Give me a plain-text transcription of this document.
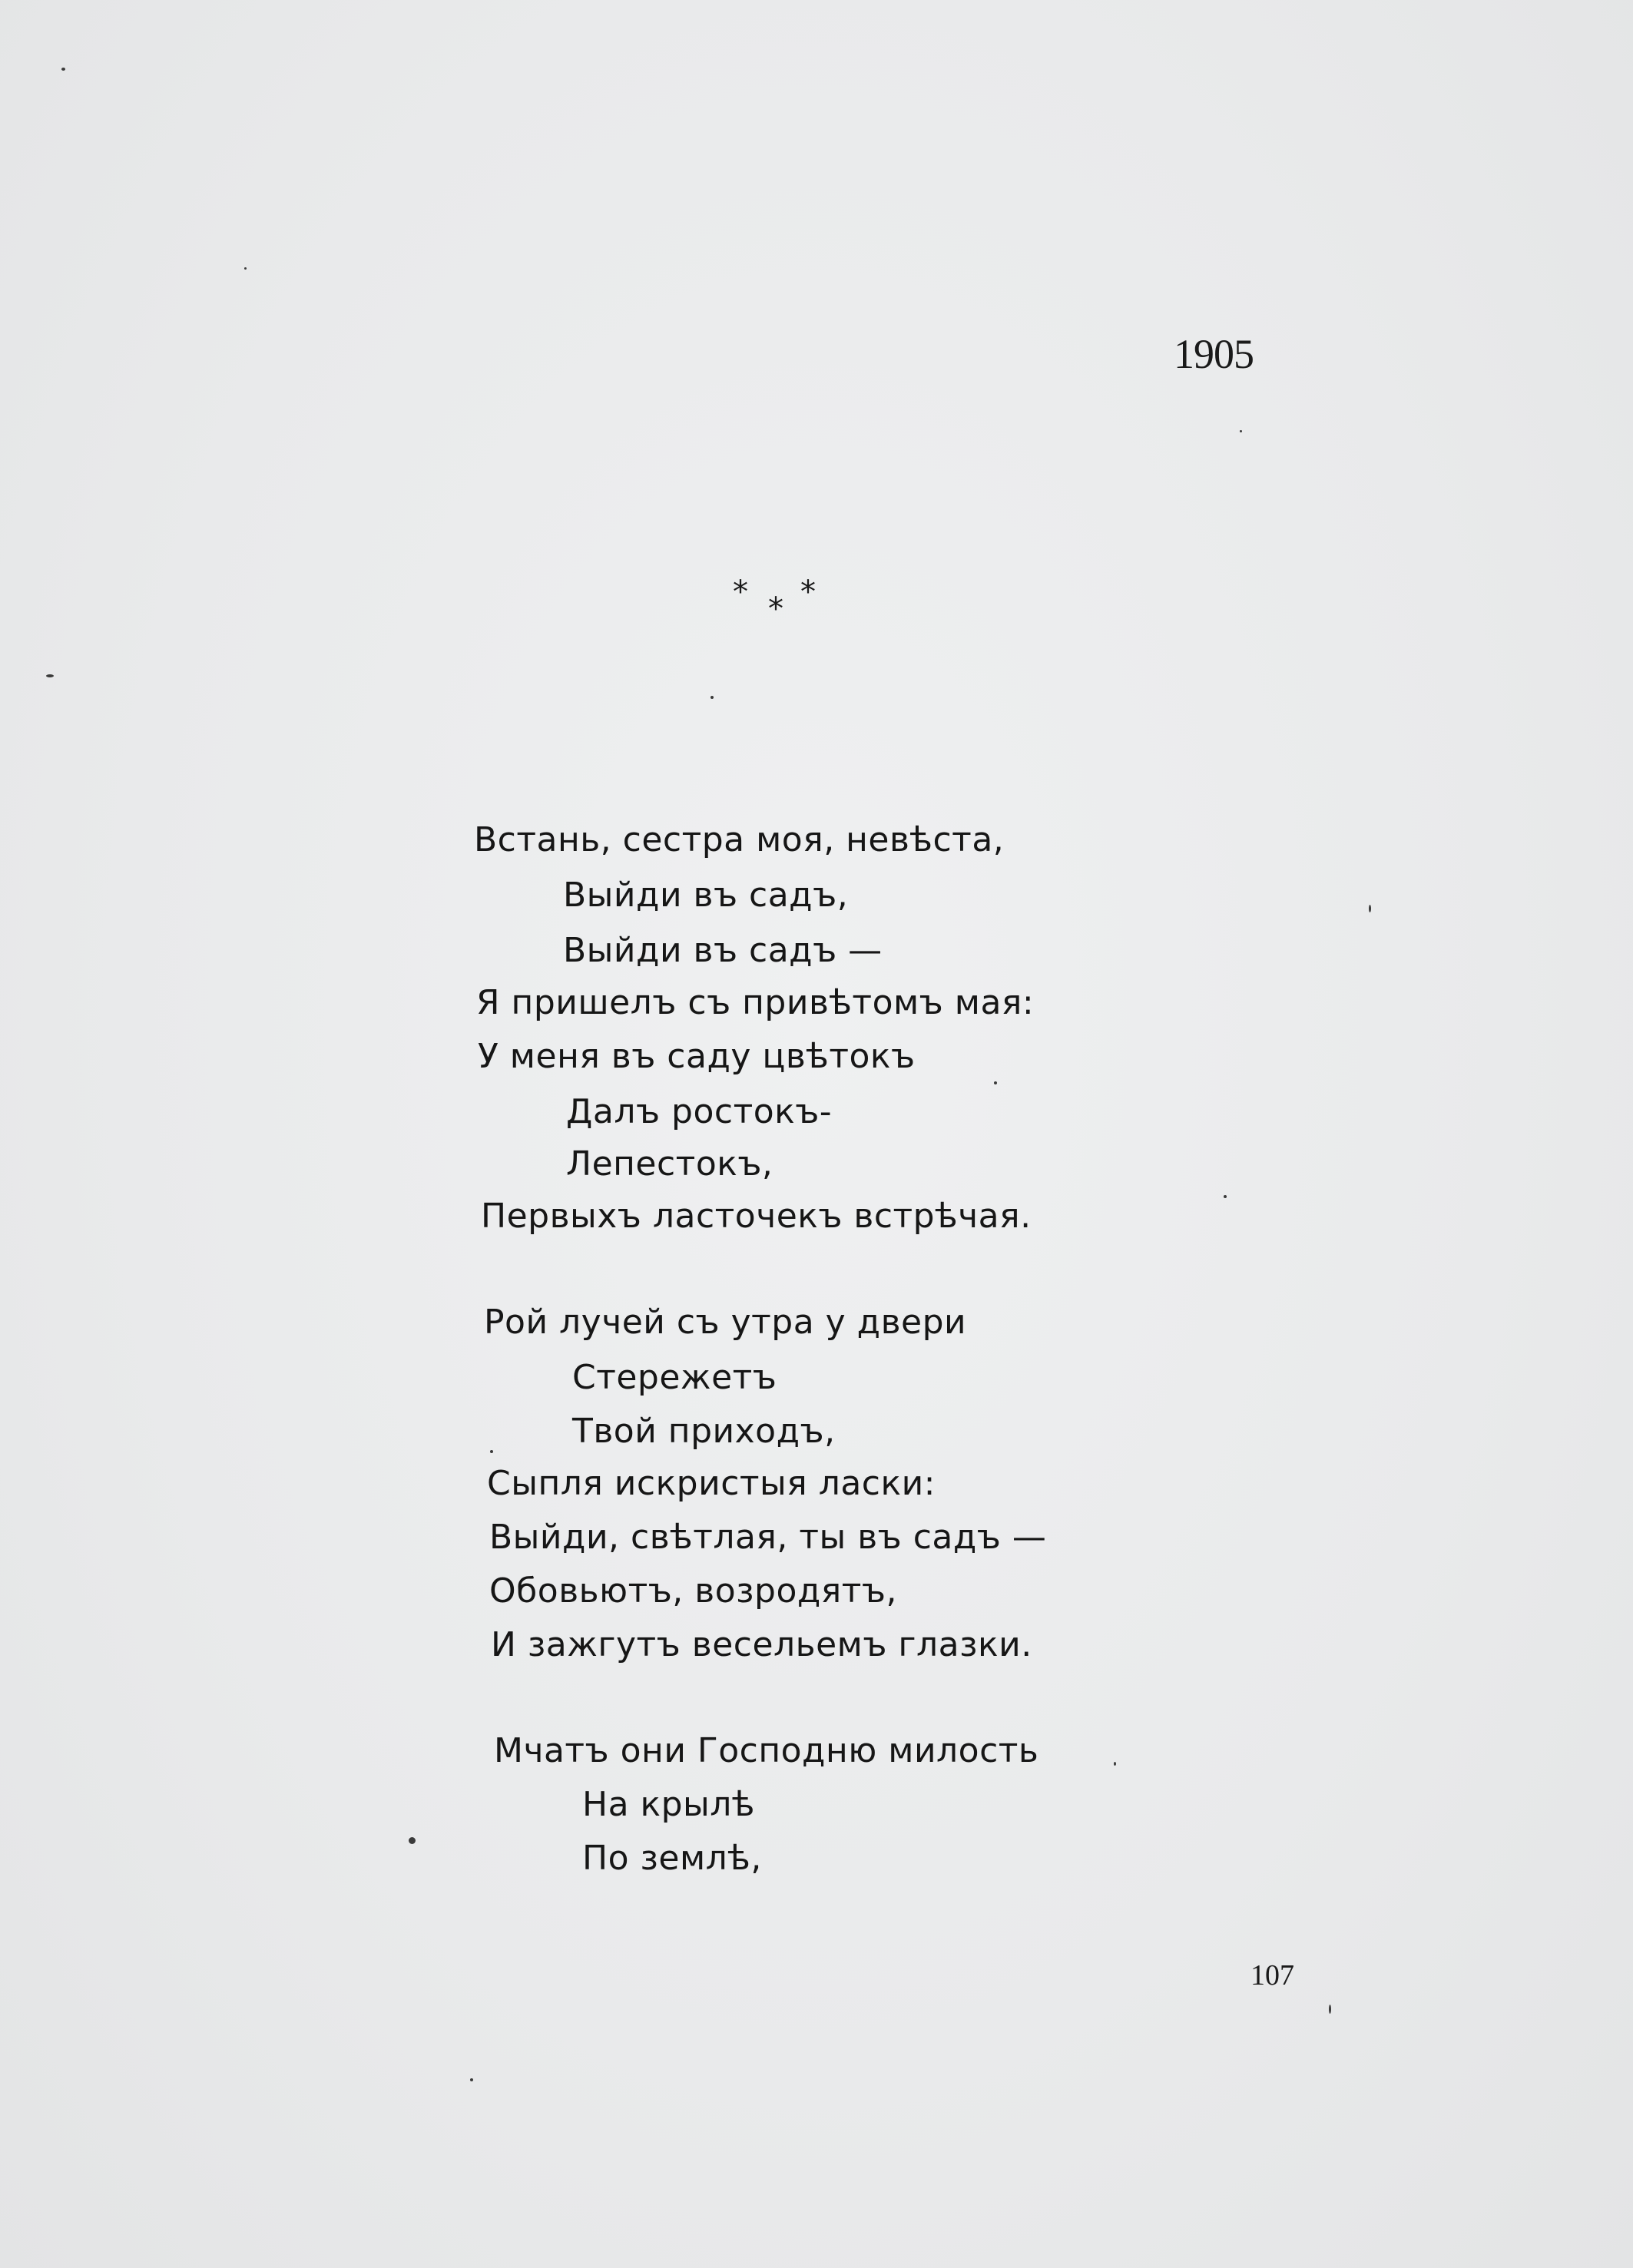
1905
* * *
Встань, сестра моя, невѣста,
Выйди въ садъ,
Выйди въ садъ —
Я пришелъ съ привѣтомъ мая:
У меня въ саду цвѣтокъ
Далъ ростокъ-
Лепестокъ,
Первыхъ ласточекъ встрѣчая.
Рой лучей съ утра у двери
Стережетъ
Твой приходъ,
Сыпля искристыя ласки:
Выйди, свѣтлая, ты въ садъ —
Обовьютъ, возродятъ,
И зажгутъ весельемъ глазки.
Мчатъ они Господню милость
На крылѣ
По землѣ,
107
